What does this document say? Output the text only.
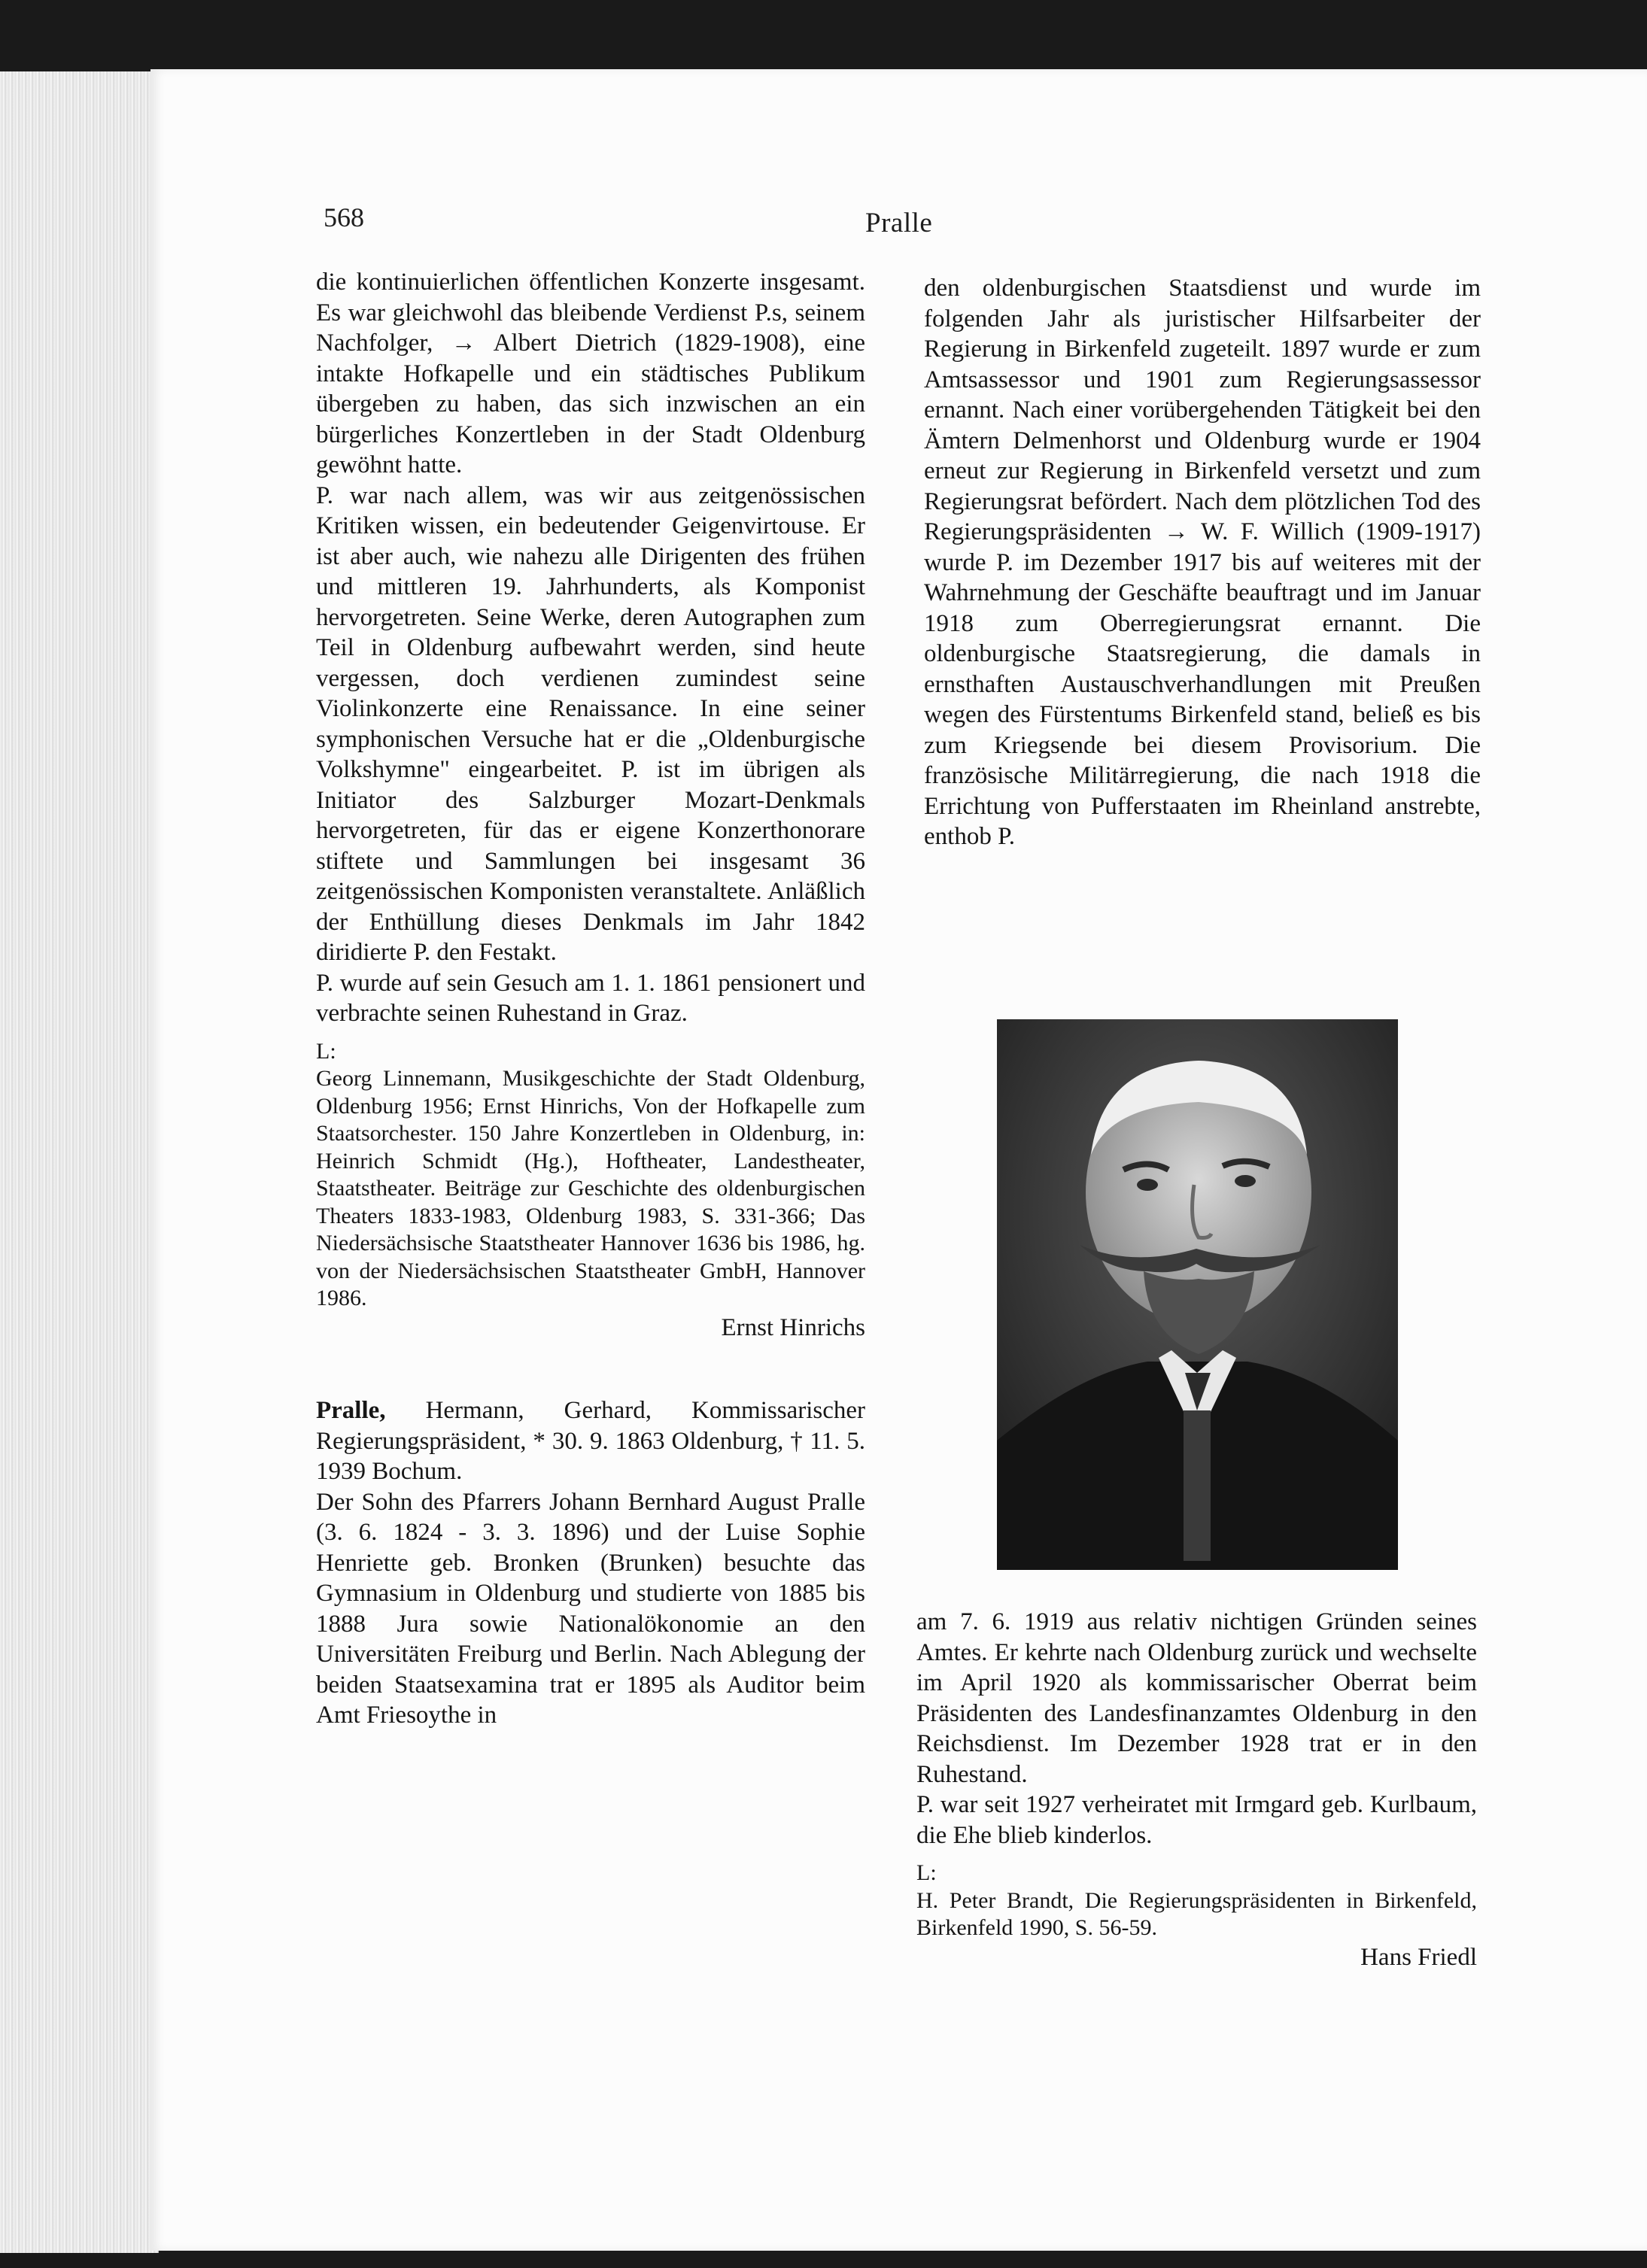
568	Pralle

die kontinuierlichen öffentlichen Konzerte insgesamt. Es war gleichwohl das bleibende Verdienst P.s, seinem Nachfolger, → Albert Dietrich (1829-1908), eine intakte Hofkapelle und ein städtisches Publikum übergeben zu haben, das sich inzwischen an ein bürgerliches Konzertleben in der Stadt Oldenburg gewöhnt hatte.

P. war nach allem, was wir aus zeitgenössischen Kritiken wissen, ein bedeutender Geigenvirtouse. Er ist aber auch, wie nahezu alle Dirigenten des frühen und mittleren 19. Jahrhunderts, als Komponist hervorgetreten. Seine Werke, deren Autographen zum Teil in Oldenburg aufbewahrt werden, sind heute vergessen, doch verdienen zumindest seine Violinkonzerte eine Renaissance. In eine seiner symphonischen Versuche hat er die „Oldenburgische Volkshymne" eingearbeitet. P. ist im übrigen als Initiator des Salzburger Mozart-Denkmals hervorgetreten, für das er eigene Konzerthonorare stiftete und Sammlungen bei insgesamt 36 zeitgenössischen Komponisten veranstaltete. Anläßlich der Enthüllung dieses Denkmals im Jahr 1842 diridierte P. den Festakt.

P. wurde auf sein Gesuch am 1. 1. 1861 pensionert und verbrachte seinen Ruhestand in Graz.

L:

Georg Linnemann, Musikgeschichte der Stadt Oldenburg, Oldenburg 1956; Ernst Hinrichs, Von der Hofkapelle zum Staatsorchester. 150 Jahre Konzertleben in Oldenburg, in: Heinrich Schmidt (Hg.), Hoftheater, Landestheater, Staatstheater. Beiträge zur Geschichte des oldenburgischen Theaters 1833-1983, Oldenburg 1983, S. 331-366; Das Niedersächsische Staatstheater Hannover 1636 bis 1986, hg. von der Niedersächsischen Staatstheater GmbH, Hannover 1986.

Ernst Hinrichs

Pralle, Hermann, Gerhard, Kommissarischer Regierungspräsident, * 30. 9. 1863 Oldenburg, † 11. 5. 1939 Bochum.

Der Sohn des Pfarrers Johann Bernhard August Pralle (3. 6. 1824 - 3. 3. 1896) und der Luise Sophie Henriette geb. Bronken (Brunken) besuchte das Gymnasium in Oldenburg und studierte von 1885 bis 1888 Jura sowie Nationalökonomie an den Universitäten Freiburg und Berlin. Nach Ablegung der beiden Staatsexamina trat er 1895 als Auditor beim Amt Friesoythe in

den oldenburgischen Staatsdienst und wurde im folgenden Jahr als juristischer Hilfsarbeiter der Regierung in Birkenfeld zugeteilt. 1897 wurde er zum Amtsassessor und 1901 zum Regierungsassessor ernannt. Nach einer vorübergehenden Tätigkeit bei den Ämtern Delmenhorst und Oldenburg wurde er 1904 erneut zur Regierung in Birkenfeld versetzt und zum Regierungsrat befördert. Nach dem plötzlichen Tod des Regierungspräsidenten → W. F. Willich (1909-1917) wurde P. im Dezember 1917 bis auf weiteres mit der Wahrnehmung der Geschäfte beauftragt und im Januar 1918 zum Oberregierungsrat ernannt. Die oldenburgische Staatsregierung, die damals in ernsthaften Austauschverhandlungen mit Preußen wegen des Fürstentums Birkenfeld stand, beließ es bis zum Kriegsende bei diesem Provisorium. Die französische Militärregierung, die nach 1918 die Errichtung von Pufferstaaten im Rheinland anstrebte, enthob P.

am 7. 6. 1919 aus relativ nichtigen Gründen seines Amtes. Er kehrte nach Oldenburg zurück und wechselte im April 1920 als kommissarischer Oberrat beim Präsidenten des Landesfinanzamtes Oldenburg in den Reichsdienst. Im Dezember 1928 trat er in den Ruhestand.

P. war seit 1927 verheiratet mit Irmgard geb. Kurlbaum, die Ehe blieb kinderlos.

L:

H. Peter Brandt, Die Regierungspräsidenten in Birkenfeld, Birkenfeld 1990, S. 56-59.

Hans Friedl
